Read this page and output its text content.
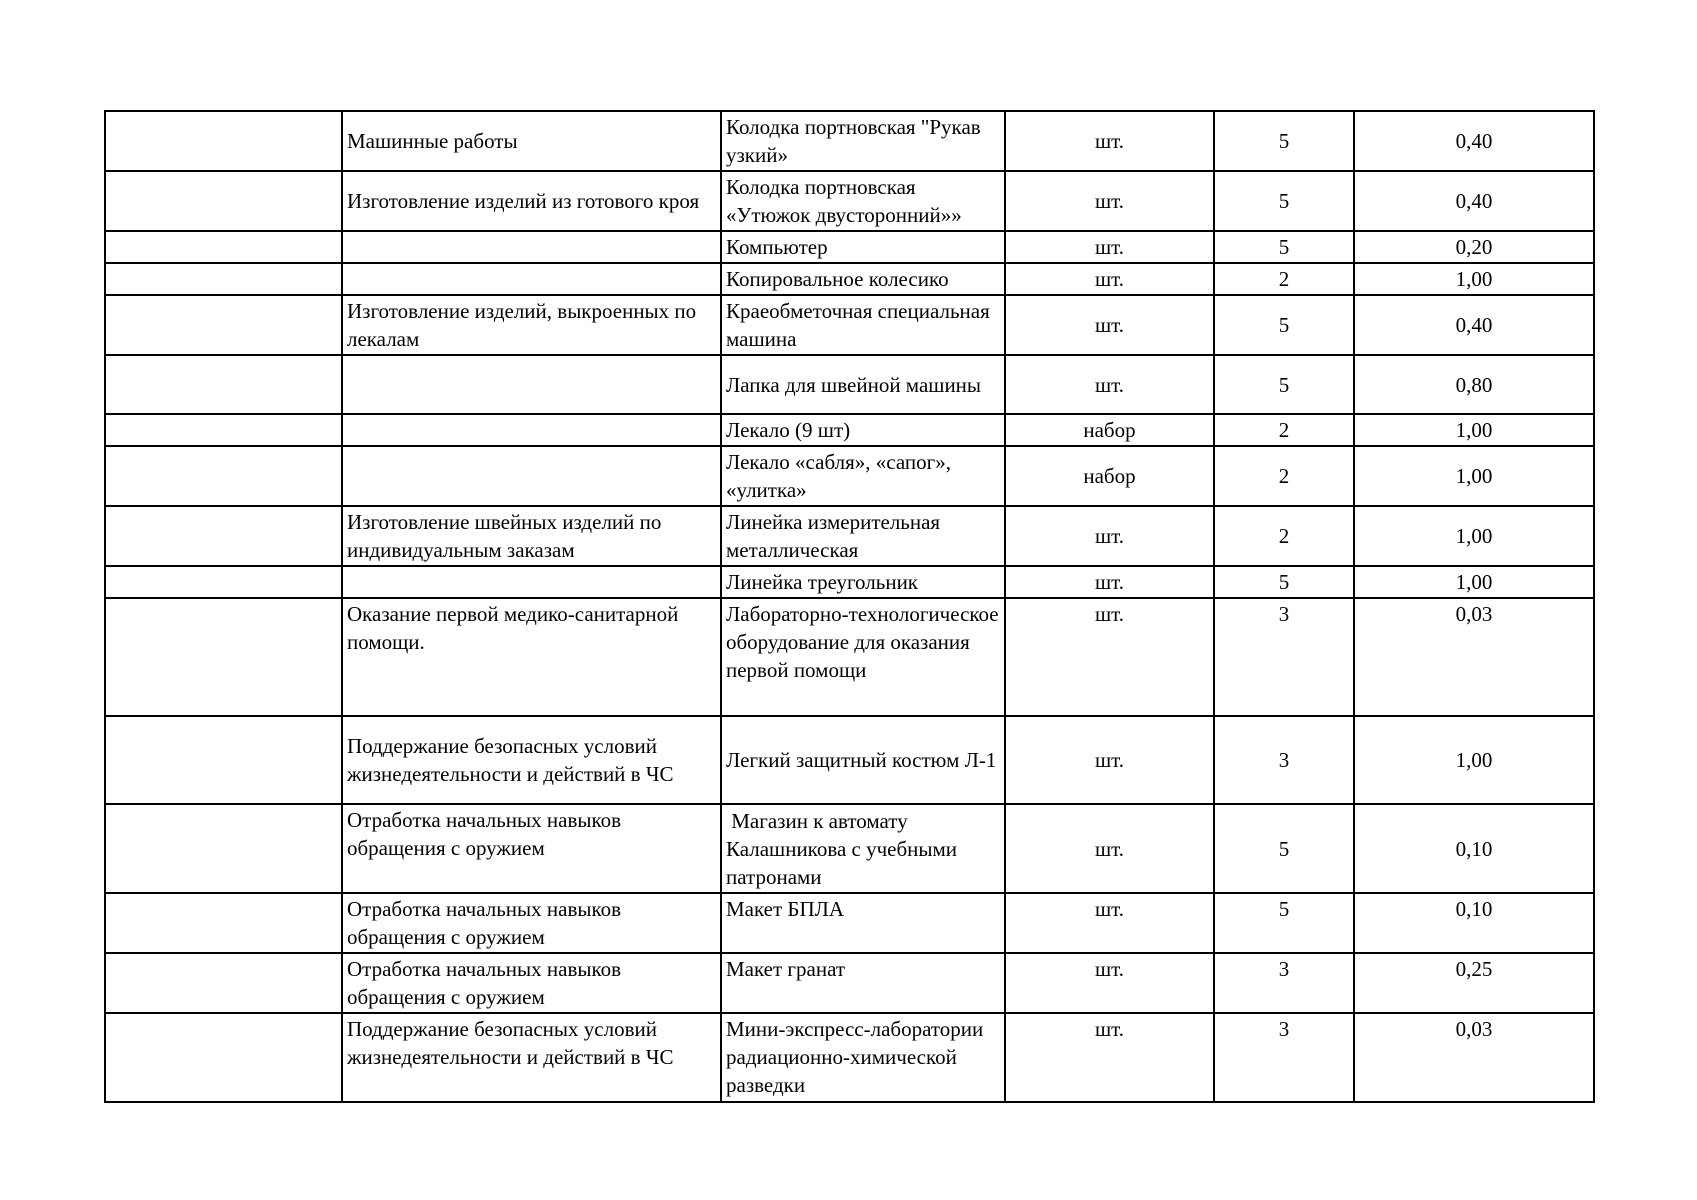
	Машинные работы	Колодка портновская "Рукав узкий»	шт.	5	0,40
	Изготовление изделий из готового кроя	Колодка портновская «Утюжок двусторонний»»	шт.	5	0,40
		Компьютер	шт.	5	0,20
		Копировальное колесико	шт.	2	1,00
	Изготовление изделий, выкроенных по лекалам	Краеобметочная специальная машина	шт.	5	0,40
		Лапка для швейной машины	шт.	5	0,80
		Лекало (9 шт)	набор	2	1,00
		Лекало «сабля», «сапог», «улитка»	набор	2	1,00
	Изготовление швейных изделий по индивидуальным заказам	Линейка измерительная металлическая	шт.	2	1,00
		Линейка треугольник	шт.	5	1,00
	Оказание первой медико-санитарной помощи.	Лабораторно-технологическое оборудование для оказания первой помощи	шт.	3	0,03
	Поддержание безопасных условий жизнедеятельности и действий в ЧС	Легкий защитный костюм Л-1	шт.	3	1,00
	Отработка начальных навыков обращения с оружием	Магазин к автомату Калашникова с учебными патронами	шт.	5	0,10
	Отработка начальных навыков обращения с оружием	Макет БПЛА	шт.	5	0,10
	Отработка начальных навыков обращения с оружием	Макет гранат	шт.	3	0,25
	Поддержание безопасных условий жизнедеятельности и действий в ЧС	Мини-экспресс-лаборатории радиационно-химической разведки	шт.	3	0,03
